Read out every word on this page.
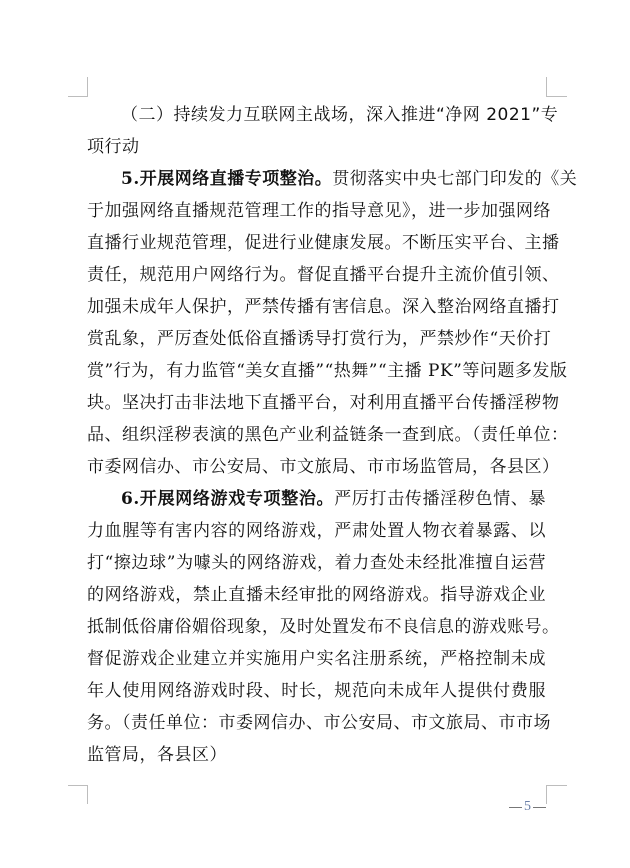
（二）持续发力互联网主战场，深入推进“净网 2021”专
项行动
5.开展网络直播专项整治。贯彻落实中央七部门印发的《关
于加强网络直播规范管理工作的指导意见》，进一步加强网络
直播行业规范管理，促进行业健康发展。不断压实平台、主播
责任，规范用户网络行为。督促直播平台提升主流价值引领、
加强未成年人保护，严禁传播有害信息。深入整治网络直播打
赏乱象，严厉查处低俗直播诱导打赏行为，严禁炒作“天价打
赏”行为，有力监管“美女直播”“热舞”“主播 PK”等问题多发版
块。坚决打击非法地下直播平台，对利用直播平台传播淫秽物
品、组织淫秽表演的黑色产业利益链条一查到底。（责任单位：
市委网信办、市公安局、市文旅局、市市场监管局，各县区）
6.开展网络游戏专项整治。严厉打击传播淫秽色情、暴
力血腥等有害内容的网络游戏，严肃处置人物衣着暴露、以
打“擦边球”为噱头的网络游戏，着力查处未经批准擅自运营
的网络游戏，禁止直播未经审批的网络游戏。指导游戏企业
抵制低俗庸俗媚俗现象，及时处置发布不良信息的游戏账号。
督促游戏企业建立并实施用户实名注册系统，严格控制未成
年人使用网络游戏时段、时长，规范向未成年人提供付费服
务。（责任单位：市委网信办、市公安局、市文旅局、市市场
监管局，各县区）
5
